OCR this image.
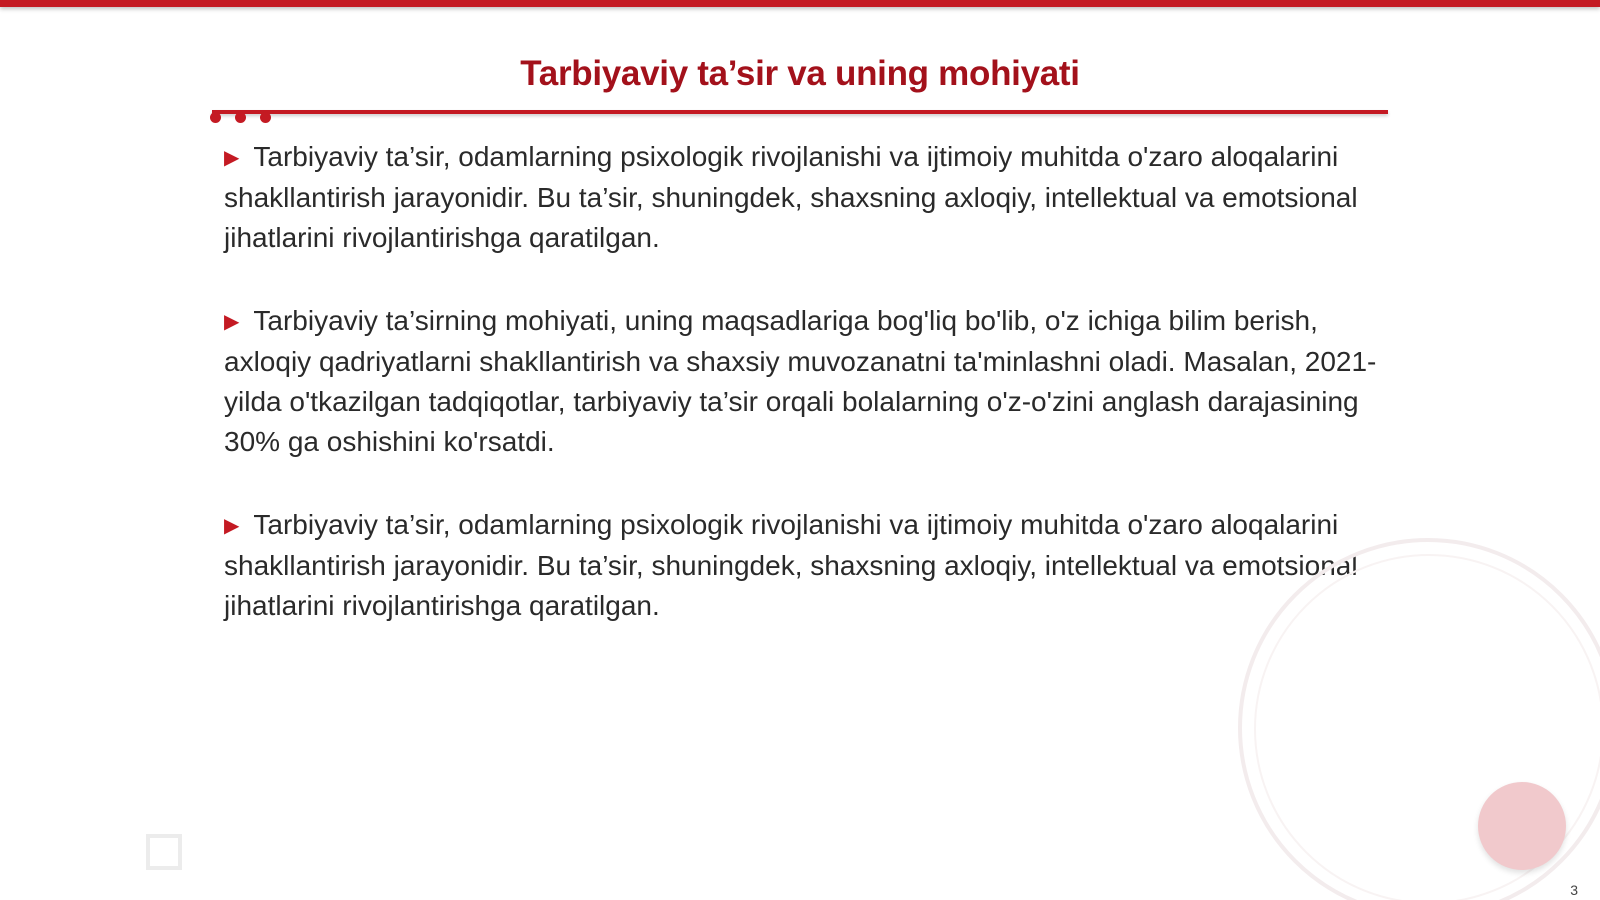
Tarbiyaviy ta’sir va uning mohiyati

▶ Tarbiyaviy ta’sir, odamlarning psixologik rivojlanishi va ijtimoiy muhitda o'zaro aloqalarini shakllantirish jarayonidir. Bu ta’sir, shuningdek, shaxsning axloqiy, intellektual va emotsional jihatlarini rivojlantirishga qaratilgan.

▶ Tarbiyaviy ta’sirning mohiyati, uning maqsadlariga bog'liq bo'lib, o'z ichiga bilim berish, axloqiy qadriyatlarni shakllantirish va shaxsiy muvozanatni ta'minlashni oladi. Masalan, 2021-yilda o'tkazilgan tadqiqotlar, tarbiyaviy ta’sir orqali bolalarning o'z-o'zini anglash darajasining 30% ga oshishini ko'rsatdi.

▶ Tarbiyaviy ta’sir, odamlarning psixologik rivojlanishi va ijtimoiy muhitda o'zaro aloqalarini shakllantirish jarayonidir. Bu ta’sir, shuningdek, shaxsning axloqiy, intellektual va emotsional jihatlarini rivojlantirishga qaratilgan.

3
